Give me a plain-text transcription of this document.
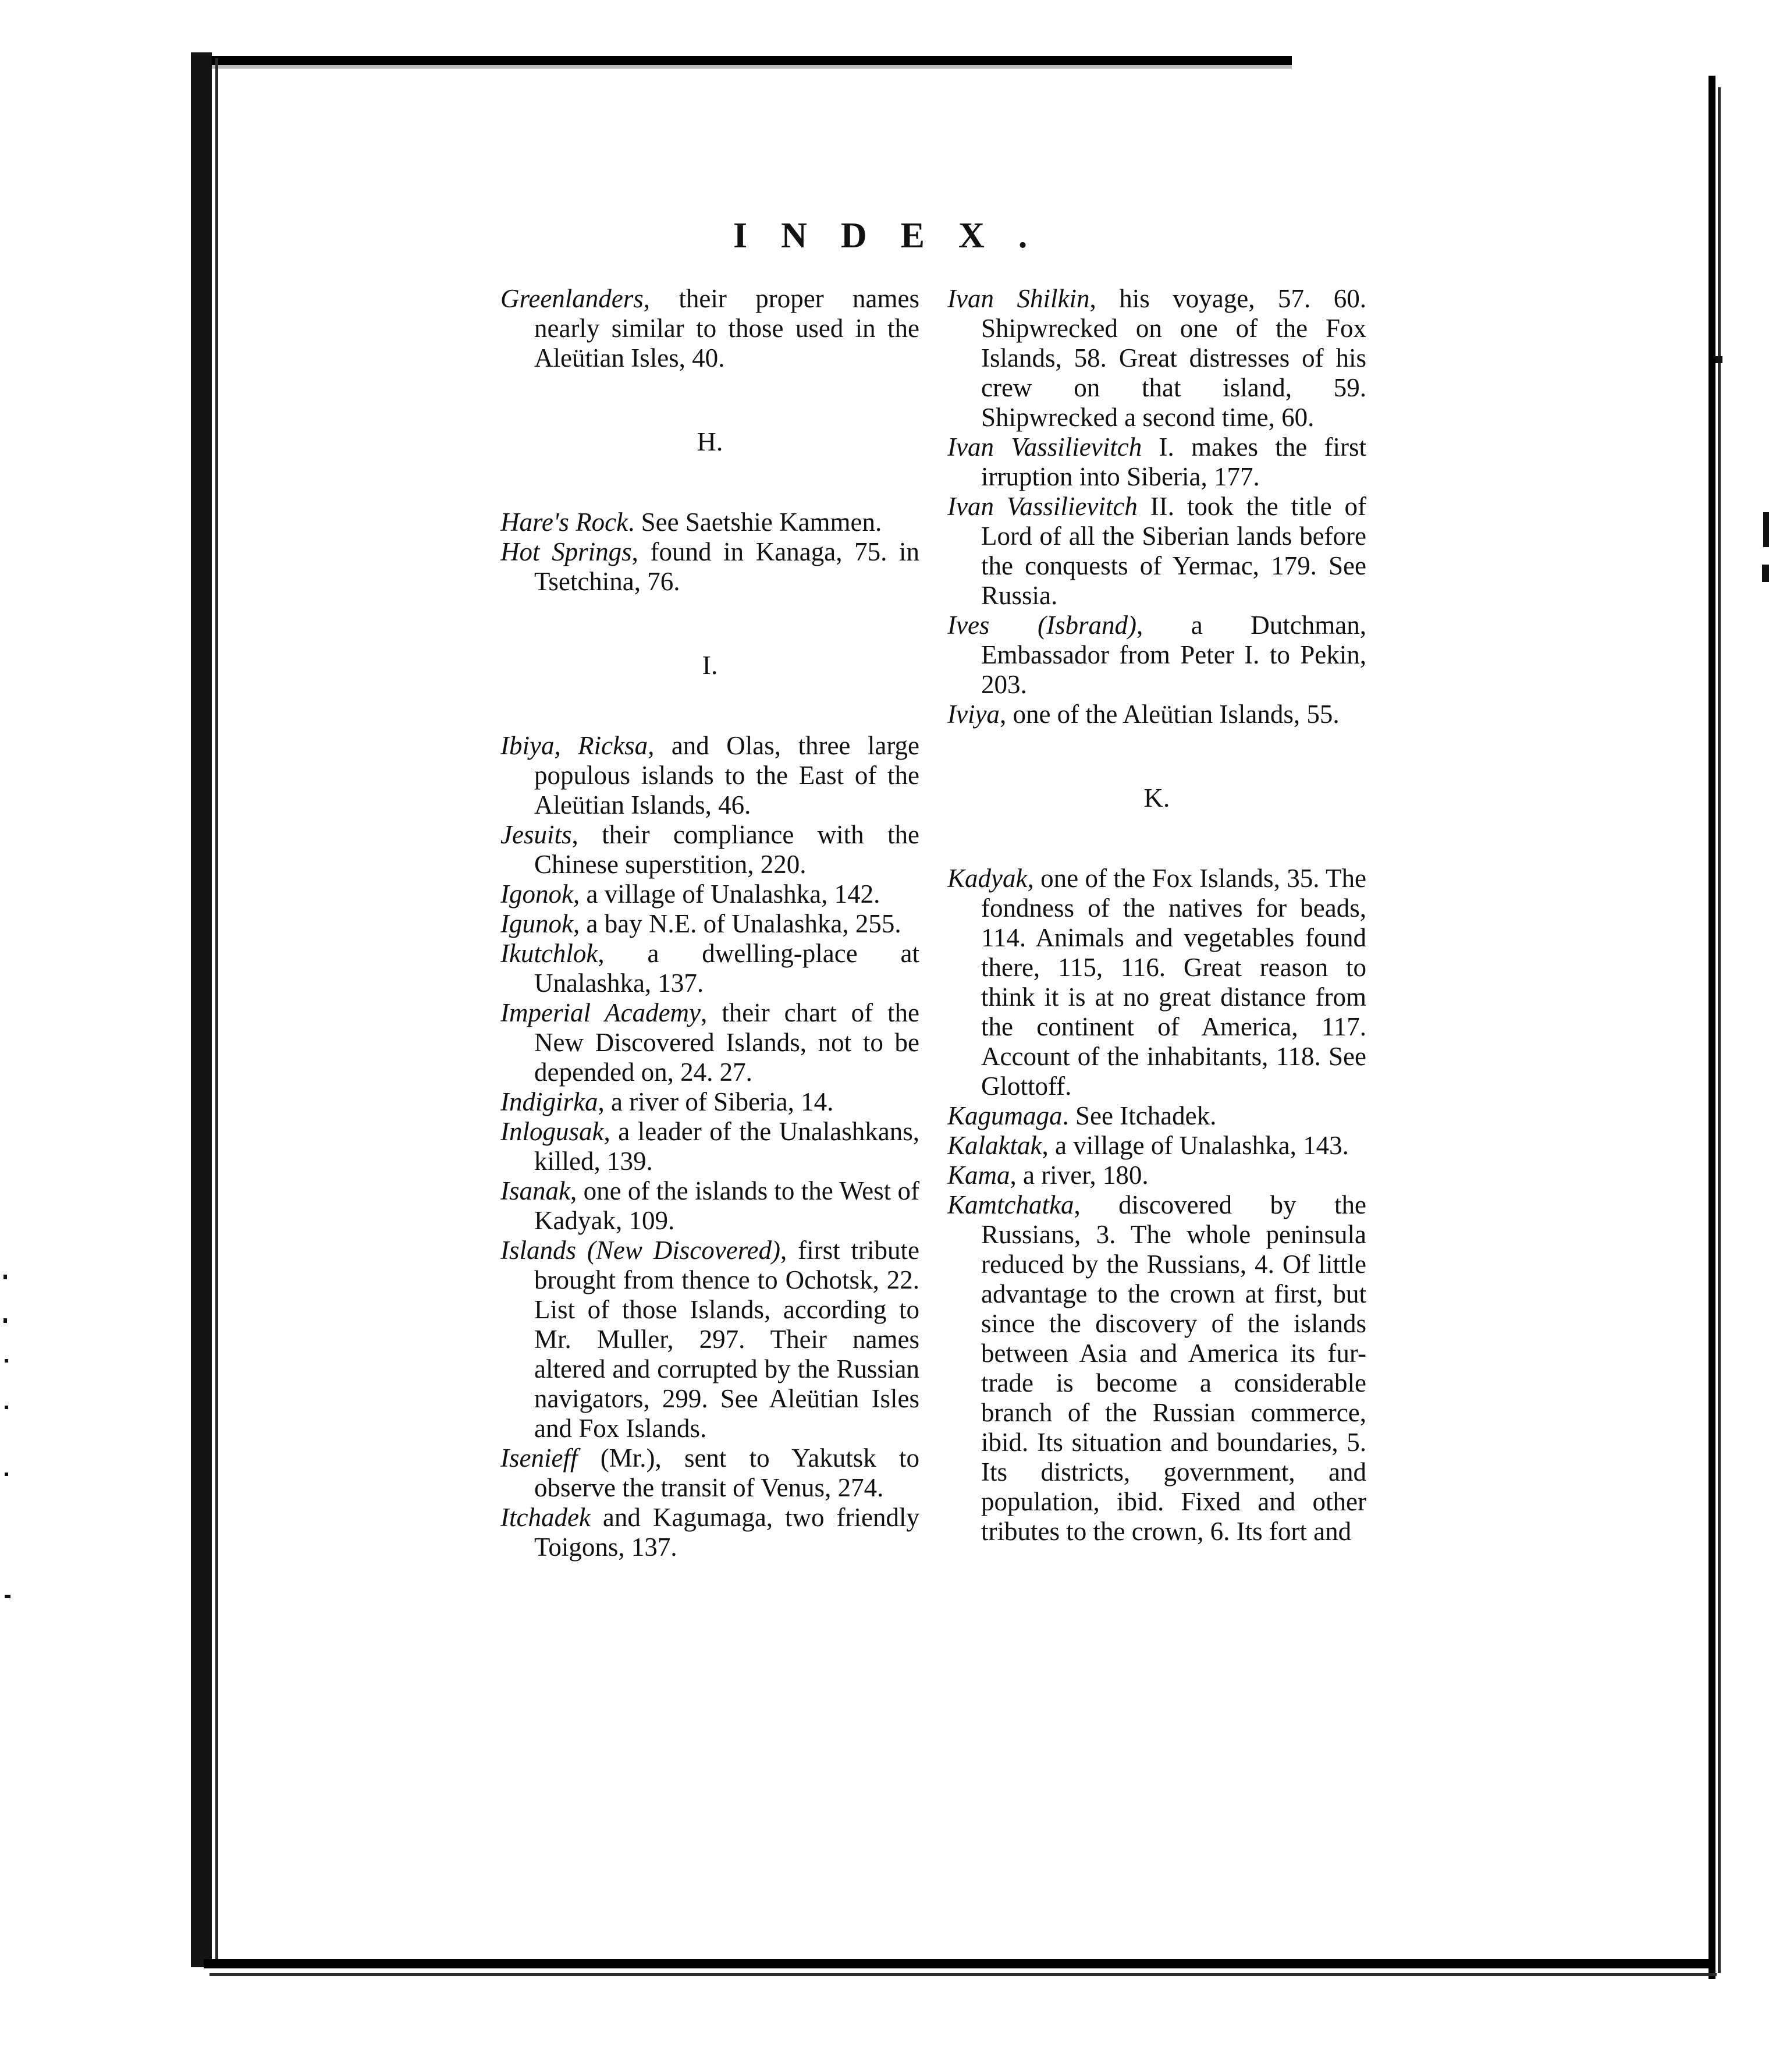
INDEX.

Greenlanders, their proper names nearly similar to those used in the Aleütian Isles, 40.

H.

Hare's Rock. See Saetshie Kammen.

Hot Springs, found in Kanaga, 75. in Tsetchina, 76.

I.

Ibiya, Ricksa, and Olas, three large populous islands to the East of the Aleütian Islands, 46.

Jesuits, their compliance with the Chinese superstition, 220.

Igonok, a village of Unalashka, 142.

Igunok, a bay N.E. of Unalashka, 255.

Ikutchlok, a dwelling-place at Unalashka, 137.

Imperial Academy, their chart of the New Discovered Islands, not to be depended on, 24. 27.

Indigirka, a river of Siberia, 14.

Inlogusak, a leader of the Unalashkans, killed, 139.

Isanak, one of the islands to the West of Kadyak, 109.

Islands (New Discovered), first tribute brought from thence to Ochotsk, 22. List of those Islands, according to Mr. Muller, 297. Their names altered and corrupted by the Russian navigators, 299. See Aleütian Isles and Fox Islands.

Isenieff (Mr.), sent to Yakutsk to observe the transit of Venus, 274.

Itchadek and Kagumaga, two friendly Toigons, 137.

Ivan Shilkin, his voyage, 57. 60. Shipwrecked on one of the Fox Islands, 58. Great distresses of his crew on that island, 59. Shipwrecked a second time, 60.

Ivan Vassilievitch I. makes the first irruption into Siberia, 177.

Ivan Vassilievitch II. took the title of Lord of all the Siberian lands before the conquests of Yermac, 179. See Russia.

Ives (Isbrand), a Dutchman, Embassador from Peter I. to Pekin, 203.

Iviya, one of the Aleütian Islands, 55.

K.

Kadyak, one of the Fox Islands, 35. The fondness of the natives for beads, 114. Animals and vegetables found there, 115, 116. Great reason to think it is at no great distance from the continent of America, 117. Account of the inhabitants, 118. See Glottoff.

Kagumaga. See Itchadek.

Kalaktak, a village of Unalashka, 143.

Kama, a river, 180.

Kamtchatka, discovered by the Russians, 3. The whole peninsula reduced by the Russians, 4. Of little advantage to the crown at first, but since the discovery of the islands between Asia and America its fur-trade is become a considerable branch of the Russian commerce, ibid. Its situation and boundaries, 5. Its districts, government, and population, ibid. Fixed and other tributes to the crown, 6. Its fort and
